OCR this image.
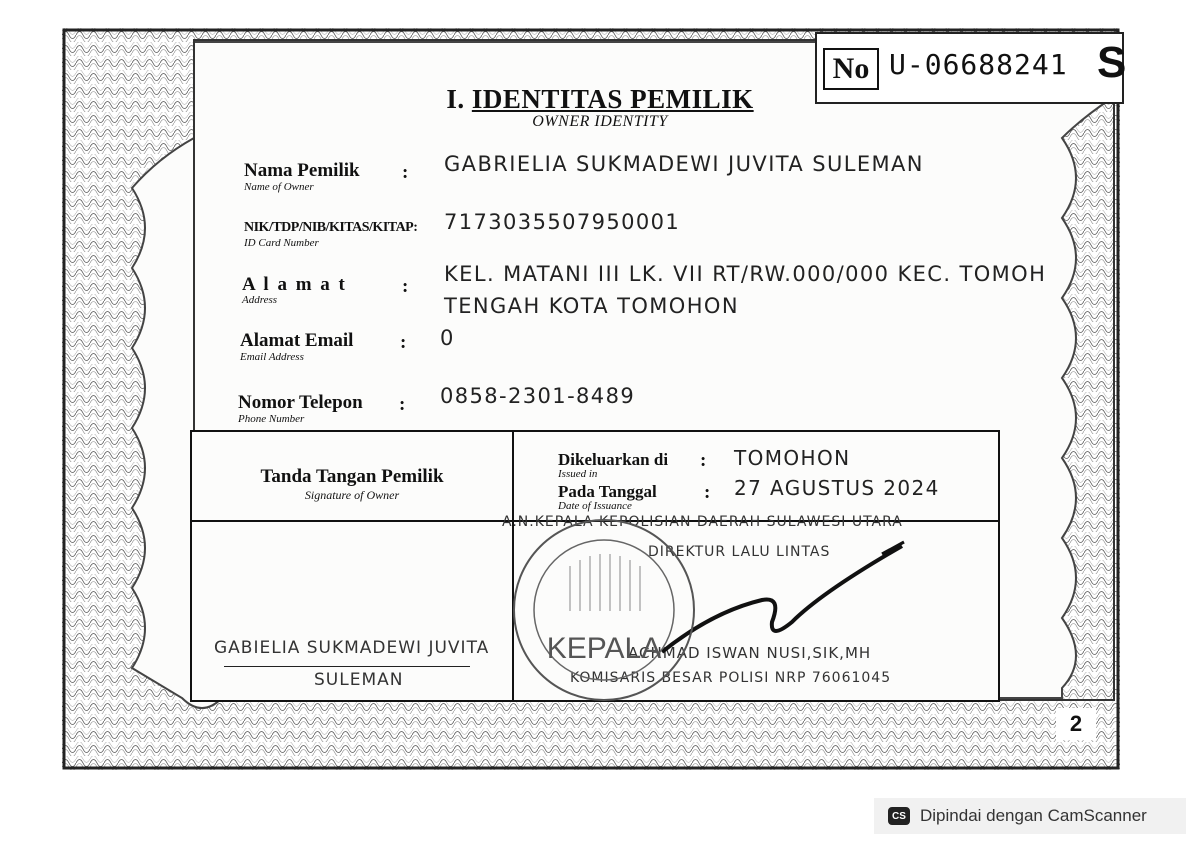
No U-06688241 S
I. IDENTITAS PEMILIK
OWNER IDENTITY
Nama Pemilik
Name of Owner
: GABRIELIA SUKMADEWI JUVITA SULEMAN
NIK/TDP/NIB/KITAS/KITAP:
ID Card Number
7173035507950001
A l a m a t
Address
:
KEL. MATANI III LK. VII RT/RW.000/000 KEC. TOMOH
TENGAH KOTA TOMOHON
Alamat Email
Email Address
: 0
Nomor Telepon
Phone Number
: 0858-2301-8489
Tanda Tangan Pemilik
Signature of Owner
Dikeluarkan di
Issued in
: TOMOHON
Pada Tanggal
Date of Issuance
: 27 AGUSTUS 2024
A.N.KEPALA KEPOLISIAN DAERAH SULAWESI UTARA
DIREKTUR LALU LINTAS
ACHMAD ISWAN NUSI,SIK,MH
KOMISARIS BESAR POLISI NRP 76061045
GABIELIA SUKMADEWI JUVITA
SULEMAN
KEPALA
2
CS Dipindai dengan CamScanner
